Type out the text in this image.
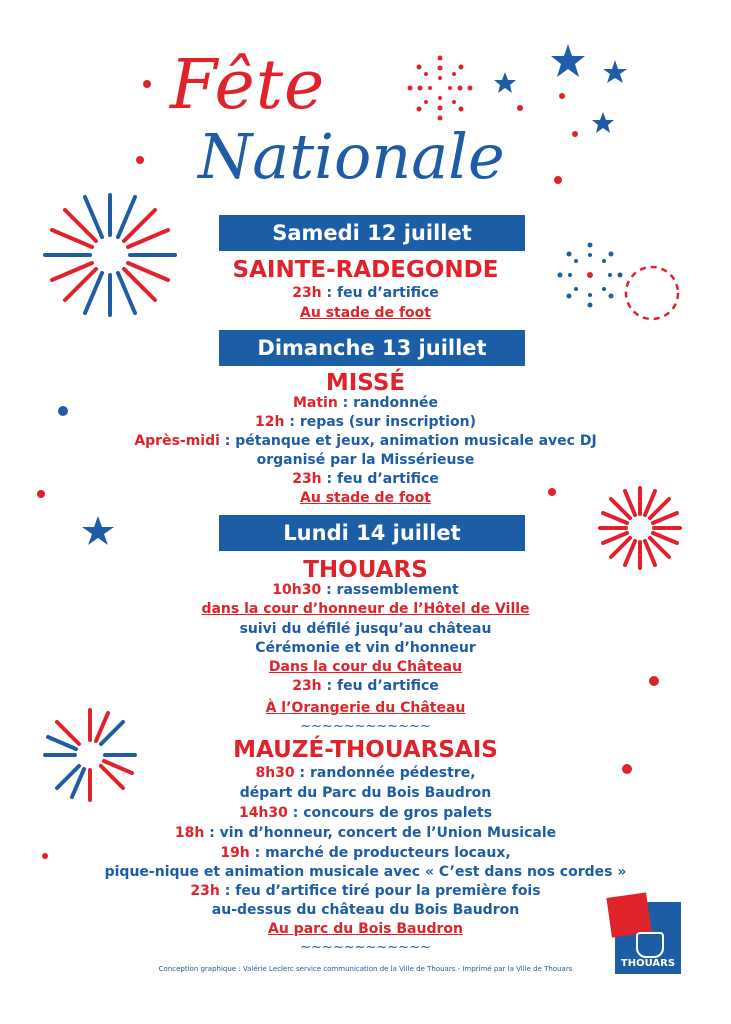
Fête
Nationale
Samedi 12 juillet
SAINTE-RADEGONDE
23h : feu d’artifice
Au stade de foot
Dimanche 13 juillet
MISSÉ
Matin : randonnée
12h : repas (sur inscription)
Après-midi : pétanque et jeux, animation musicale avec DJ
organisé par la Missérieuse
23h : feu d’artifice
Au stade de foot
Lundi 14 juillet
THOUARS
10h30 : rassemblement
dans la cour d’honneur de l’Hôtel de Ville
suivi du défilé jusqu’au château
Cérémonie et vin d’honneur
Dans la cour du Château
23h : feu d’artifice
À l’Orangerie du Château
~~~~~~~~~~~~
MAUZÉ-THOUARSAIS
8h30 : randonnée pédestre,
départ du Parc du Bois Baudron
14h30 : concours de gros palets
18h : vin d’honneur, concert de l’Union Musicale
19h : marché de producteurs locaux,
pique-nique et animation musicale avec « C’est dans nos cordes »
23h : feu d’artifice tiré pour la première fois
au-dessus du château du Bois Baudron
Au parc du Bois Baudron
~~~~~~~~~~~~
Conception graphique : Valérie Leclerc service communication de la Ville de Thouars - Imprimé par la Ville de Thouars	THOUARS
